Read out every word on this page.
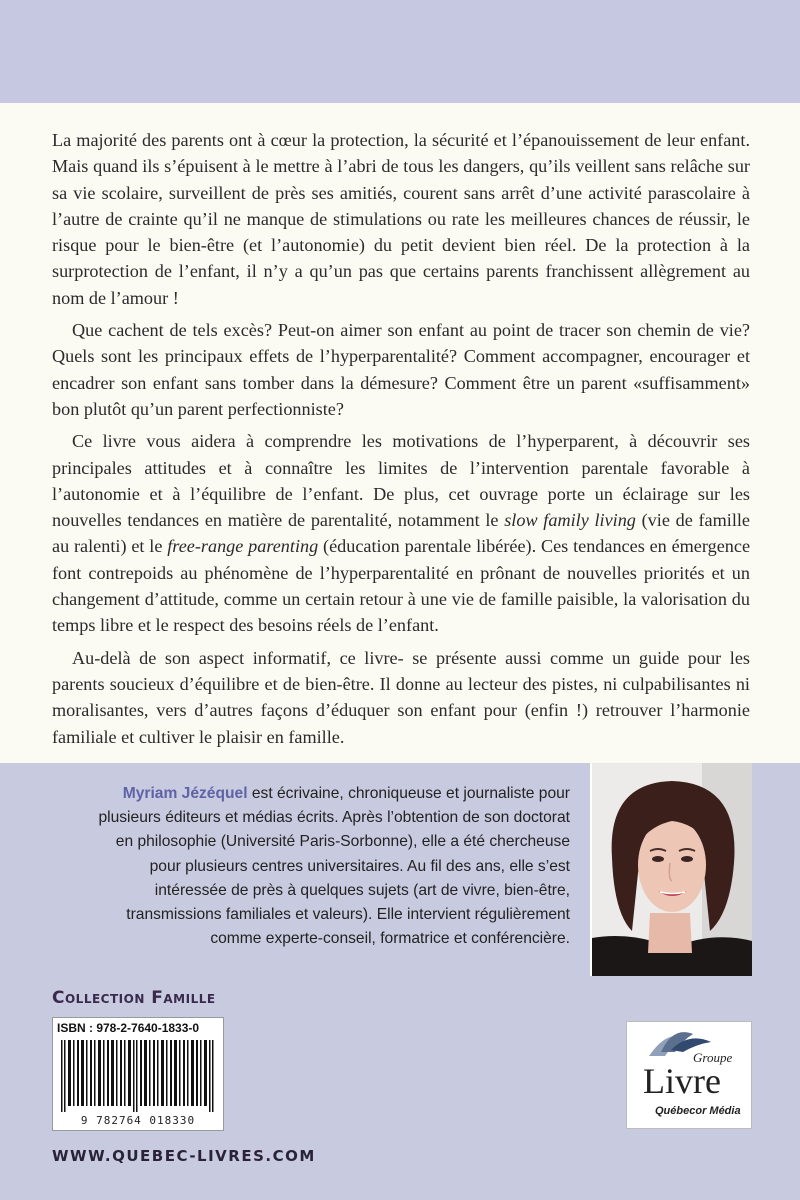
La majorité des parents ont à cœur la protection, la sécurité et l’épanouissement de leur enfant. Mais quand ils s’épuisent à le mettre à l’abri de tous les dangers, qu’ils veillent sans relâche sur sa vie scolaire, surveillent de près ses amitiés, courent sans arrêt d’une activité parascolaire à l’autre de crainte qu’il ne manque de stimulations ou rate les meilleures chances de réussir, le risque pour le bien-être (et l’autonomie) du petit devient bien réel. De la protection à la surprotection de l’enfant, il n’y a qu’un pas que certains parents franchissent allègrement au nom de l’amour !

Que cachent de tels excès? Peut-on aimer son enfant au point de tracer son chemin de vie? Quels sont les principaux effets de l’hyperparentalité? Comment accompagner, encourager et encadrer son enfant sans tomber dans la démesure? Comment être un parent «suffisamment» bon plutôt qu’un parent perfectionniste?

Ce livre vous aidera à comprendre les motivations de l’hyperparent, à découvrir ses principales attitudes et à connaître les limites de l’intervention parentale favorable à l’autonomie et à l’équilibre de l’enfant. De plus, cet ouvrage porte un éclairage sur les nouvelles tendances en matière de parentalité, notamment le slow family living (vie de famille au ralenti) et le free-range parenting (éducation parentale libérée). Ces tendances en émergence font contrepoids au phénomène de l’hyperparentalité en prônant de nouvelles priorités et un changement d’attitude, comme un certain retour à une vie de famille paisible, la valorisation du temps libre et le respect des besoins réels de l’enfant.

Au-delà de son aspect informatif, ce livre- se présente aussi comme un guide pour les parents soucieux d’équilibre et de bien-être. Il donne au lecteur des pistes, ni culpabilisantes ni moralisantes, vers d’autres façons d’éduquer son enfant pour (enfin !) retrouver l’harmonie familiale et cultiver le plaisir en famille.

Myriam Jézéquel est écrivaine, chroniqueuse et journaliste pour plusieurs éditeurs et médias écrits. Après l’obtention de son doctorat en philosophie (Université Paris-Sorbonne), elle a été chercheuse pour plusieurs centres universitaires. Au fil des ans, elle s’est intéressée de près à quelques sujets (art de vivre, bien-être, transmissions familiales et valeurs). Elle intervient régulièrement comme experte-conseil, formatrice et conférencière.
Collection Famille
ISBN : 978-2-7640-1833-0
9 782764 018330
Groupe
Livre
Québecor Média
WWW.QUEBEC-LIVRES.COM
